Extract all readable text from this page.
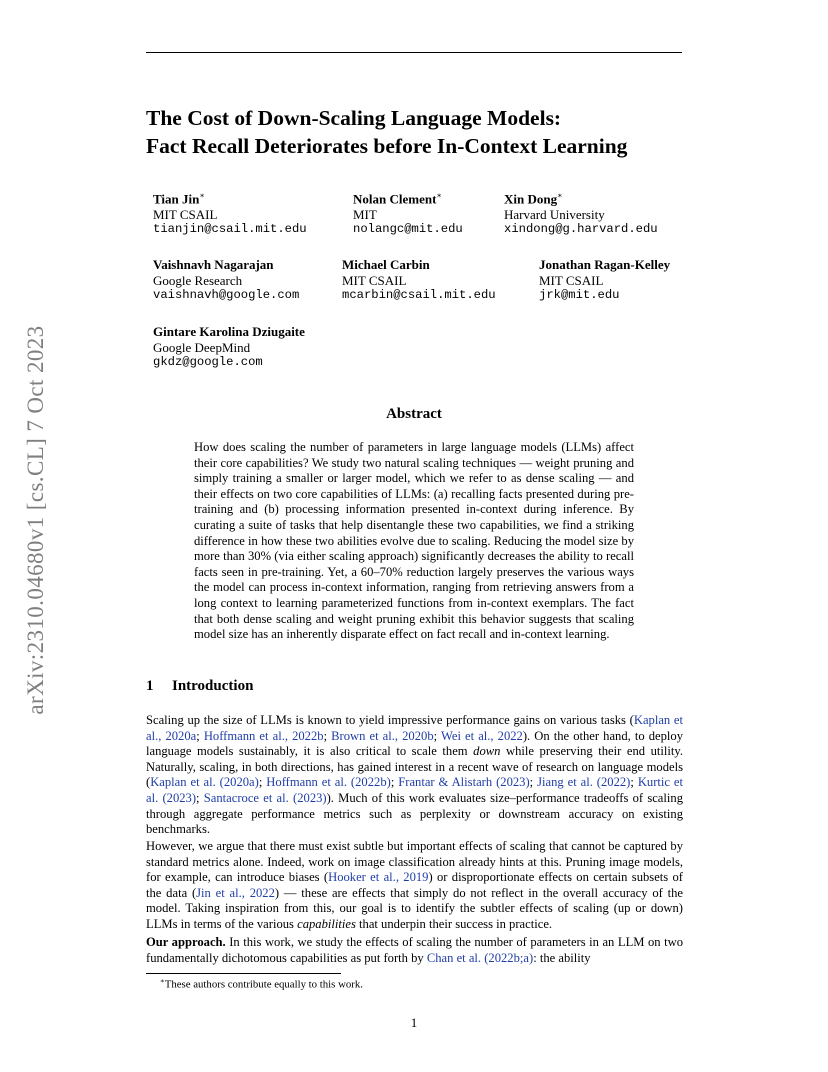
arXiv:2310.04680v1 [cs.CL] 7 Oct 2023
The Cost of Down-Scaling Language Models:
Fact Recall Deteriorates before In-Context Learning
Tian Jin∗
MIT CSAIL
tianjin@csail.mit.edu
Nolan Clement∗
MIT
nolangc@mit.edu
Xin Dong∗
Harvard University
xindong@g.harvard.edu
Vaishnavh Nagarajan
Google Research
vaishnavh@google.com
Michael Carbin
MIT CSAIL
mcarbin@csail.mit.edu
Jonathan Ragan-Kelley
MIT CSAIL
jrk@mit.edu
Gintare Karolina Dziugaite
Google DeepMind
gkdz@google.com
Abstract
How does scaling the number of parameters in large language models (LLMs) affect their core capabilities? We study two natural scaling techniques — weight pruning and simply training a smaller or larger model, which we refer to as dense scaling — and their effects on two core capabilities of LLMs: (a) recalling facts presented during pre-training and (b) processing information presented in-context during inference. By curating a suite of tasks that help disentangle these two capabilities, we find a striking difference in how these two abilities evolve due to scaling. Reducing the model size by more than 30% (via either scaling approach) significantly decreases the ability to recall facts seen in pre-training. Yet, a 60–70% reduction largely preserves the various ways the model can process in-context information, ranging from retrieving answers from a long context to learning parameterized functions from in-context exemplars. The fact that both dense scaling and weight pruning exhibit this behavior suggests that scaling model size has an inherently disparate effect on fact recall and in-context learning.
1 Introduction
Scaling up the size of LLMs is known to yield impressive performance gains on various tasks (Kaplan et al., 2020a; Hoffmann et al., 2022b; Brown et al., 2020b; Wei et al., 2022). On the other hand, to deploy language models sustainably, it is also critical to scale them down while preserving their end utility. Naturally, scaling, in both directions, has gained interest in a recent wave of research on language models (Kaplan et al. (2020a); Hoffmann et al. (2022b); Frantar & Alistarh (2023); Jiang et al. (2022); Kurtic et al. (2023); Santacroce et al. (2023)). Much of this work evaluates size–performance tradeoffs of scaling through aggregate performance metrics such as perplexity or downstream accuracy on existing benchmarks.
However, we argue that there must exist subtle but important effects of scaling that cannot be captured by standard metrics alone. Indeed, work on image classification already hints at this. Pruning image models, for example, can introduce biases (Hooker et al., 2019) or disproportionate effects on certain subsets of the data (Jin et al., 2022) — these are effects that simply do not reflect in the overall accuracy of the model. Taking inspiration from this, our goal is to identify the subtler effects of scaling (up or down) LLMs in terms of the various capabilities that underpin their success in practice.
Our approach. In this work, we study the effects of scaling the number of parameters in an LLM on two fundamentally dichotomous capabilities as put forth by Chan et al. (2022b;a): the ability
∗These authors contribute equally to this work.
1
